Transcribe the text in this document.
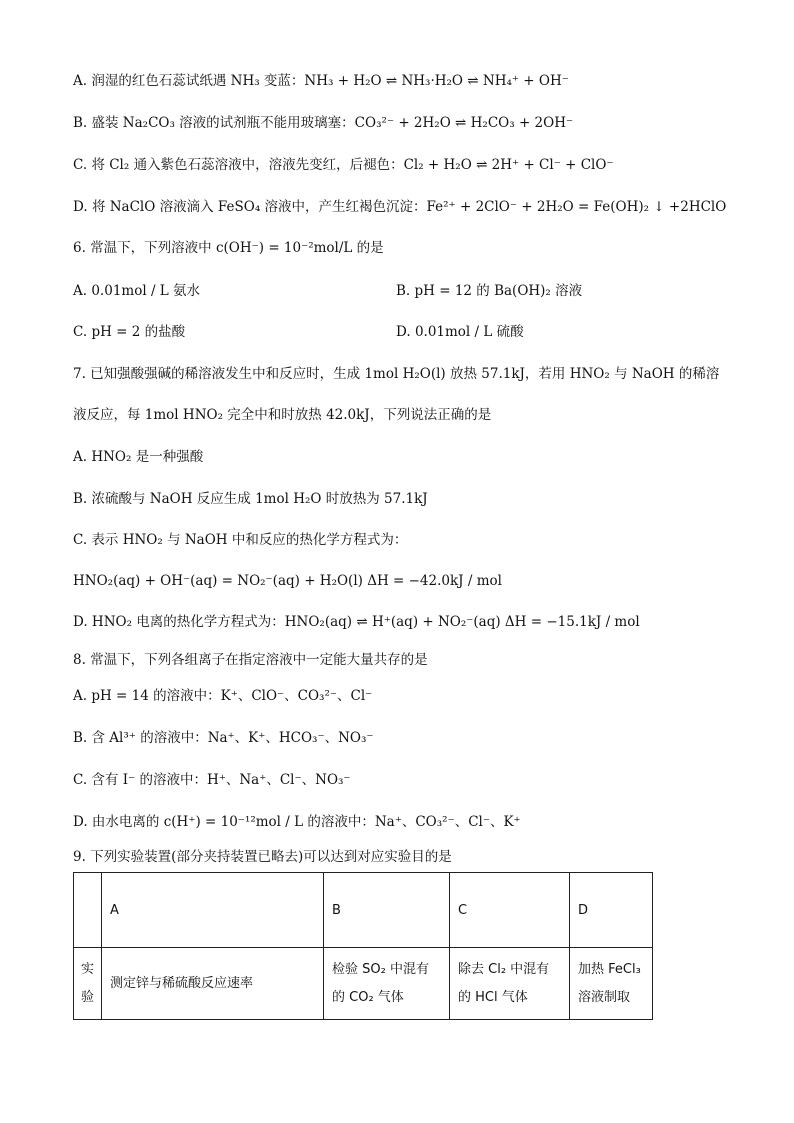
A. 润湿的红色石蕊试纸遇 NH₃ 变蓝：NH₃ + H₂O ⇌ NH₃·H₂O ⇌ NH₄⁺ + OH⁻
B. 盛装 Na₂CO₃ 溶液的试剂瓶不能用玻璃塞：CO₃²⁻ + 2H₂O ⇌ H₂CO₃ + 2OH⁻
C. 将 Cl₂ 通入紫色石蕊溶液中，溶液先变红，后褪色：Cl₂ + H₂O ⇌ 2H⁺ + Cl⁻ + ClO⁻
D. 将 NaClO 溶液滴入 FeSO₄ 溶液中，产生红褐色沉淀：Fe²⁺ + 2ClO⁻ + 2H₂O = Fe(OH)₂ ↓ +2HClO
6. 常温下，下列溶液中 c(OH⁻) = 10⁻²mol/L 的是
A. 0.01mol / L 氨水	B. pH = 12 的 Ba(OH)₂ 溶液
C. pH = 2 的盐酸	D. 0.01mol / L 硫酸
7. 已知强酸强碱的稀溶液发生中和反应时，生成 1mol H₂O(l) 放热 57.1kJ，若用 HNO₂ 与 NaOH 的稀溶
液反应，每 1mol HNO₂ 完全中和时放热 42.0kJ，下列说法正确的是
A. HNO₂ 是一种强酸
B. 浓硫酸与 NaOH 反应生成 1mol H₂O 时放热为 57.1kJ
C. 表示 HNO₂ 与 NaOH 中和反应的热化学方程式为：
HNO₂(aq) + OH⁻(aq) = NO₂⁻(aq) + H₂O(l) ΔH = −42.0kJ / mol
D. HNO₂ 电离的热化学方程式为：HNO₂(aq) ⇌ H⁺(aq) + NO₂⁻(aq) ΔH = −15.1kJ / mol
8. 常温下，下列各组离子在指定溶液中一定能大量共存的是
A. pH = 14 的溶液中：K⁺、ClO⁻、CO₃²⁻、Cl⁻
B. 含 Al³⁺ 的溶液中：Na⁺、K⁺、HCO₃⁻、NO₃⁻
C. 含有 I⁻ 的溶液中：H⁺、Na⁺、Cl⁻、NO₃⁻
D. 由水电离的 c(H⁺) = 10⁻¹²mol / L 的溶液中：Na⁺、CO₃²⁻、Cl⁻、K⁺
9. 下列实验装置(部分夹持装置已略去)可以达到对应实验目的是
	A	B	C	D
实验	测定锌与稀硫酸反应速率	检验 SO₂ 中混有的 CO₂ 气体	除去 Cl₂ 中混有的 HCl 气体	加热 FeCl₃ 溶液制取
